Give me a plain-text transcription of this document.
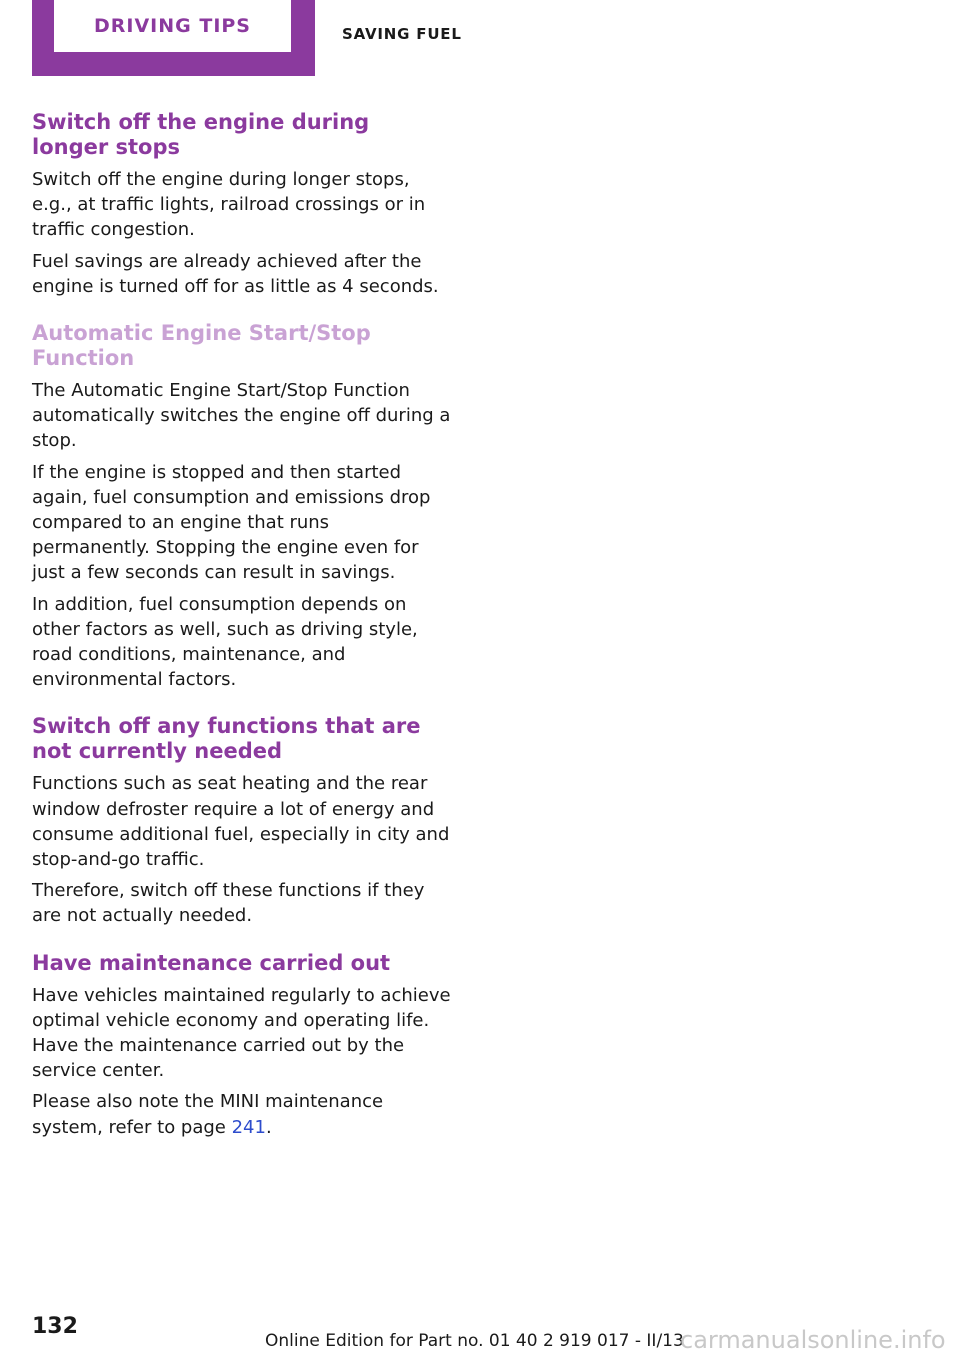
DRIVING TIPS	SAVING FUEL
Switch off the engine during longer stops

Switch off the engine during longer stops, e.g., at traffic lights, railroad crossings or in traffic congestion.

Fuel savings are already achieved after the engine is turned off for as little as 4 seconds.

Automatic Engine Start/Stop Function

The Automatic Engine Start/Stop Function automatically switches the engine off during a stop.

If the engine is stopped and then started again, fuel consumption and emissions drop compared to an engine that runs permanently. Stopping the engine even for just a few seconds can result in savings.

In addition, fuel consumption depends on other factors as well, such as driving style, road conditions, maintenance, and environmental factors.

Switch off any functions that are not currently needed

Functions such as seat heating and the rear window defroster require a lot of energy and consume additional fuel, especially in city and stop-and-go traffic.

Therefore, switch off these functions if they are not actually needed.

Have maintenance carried out

Have vehicles maintained regularly to achieve optimal vehicle economy and operating life. Have the maintenance carried out by the service center.

Please also note the MINI maintenance system, refer to page 241.

132
Online Edition for Part no. 01 40 2 919 017 - II/13
carmanualsonline.info
